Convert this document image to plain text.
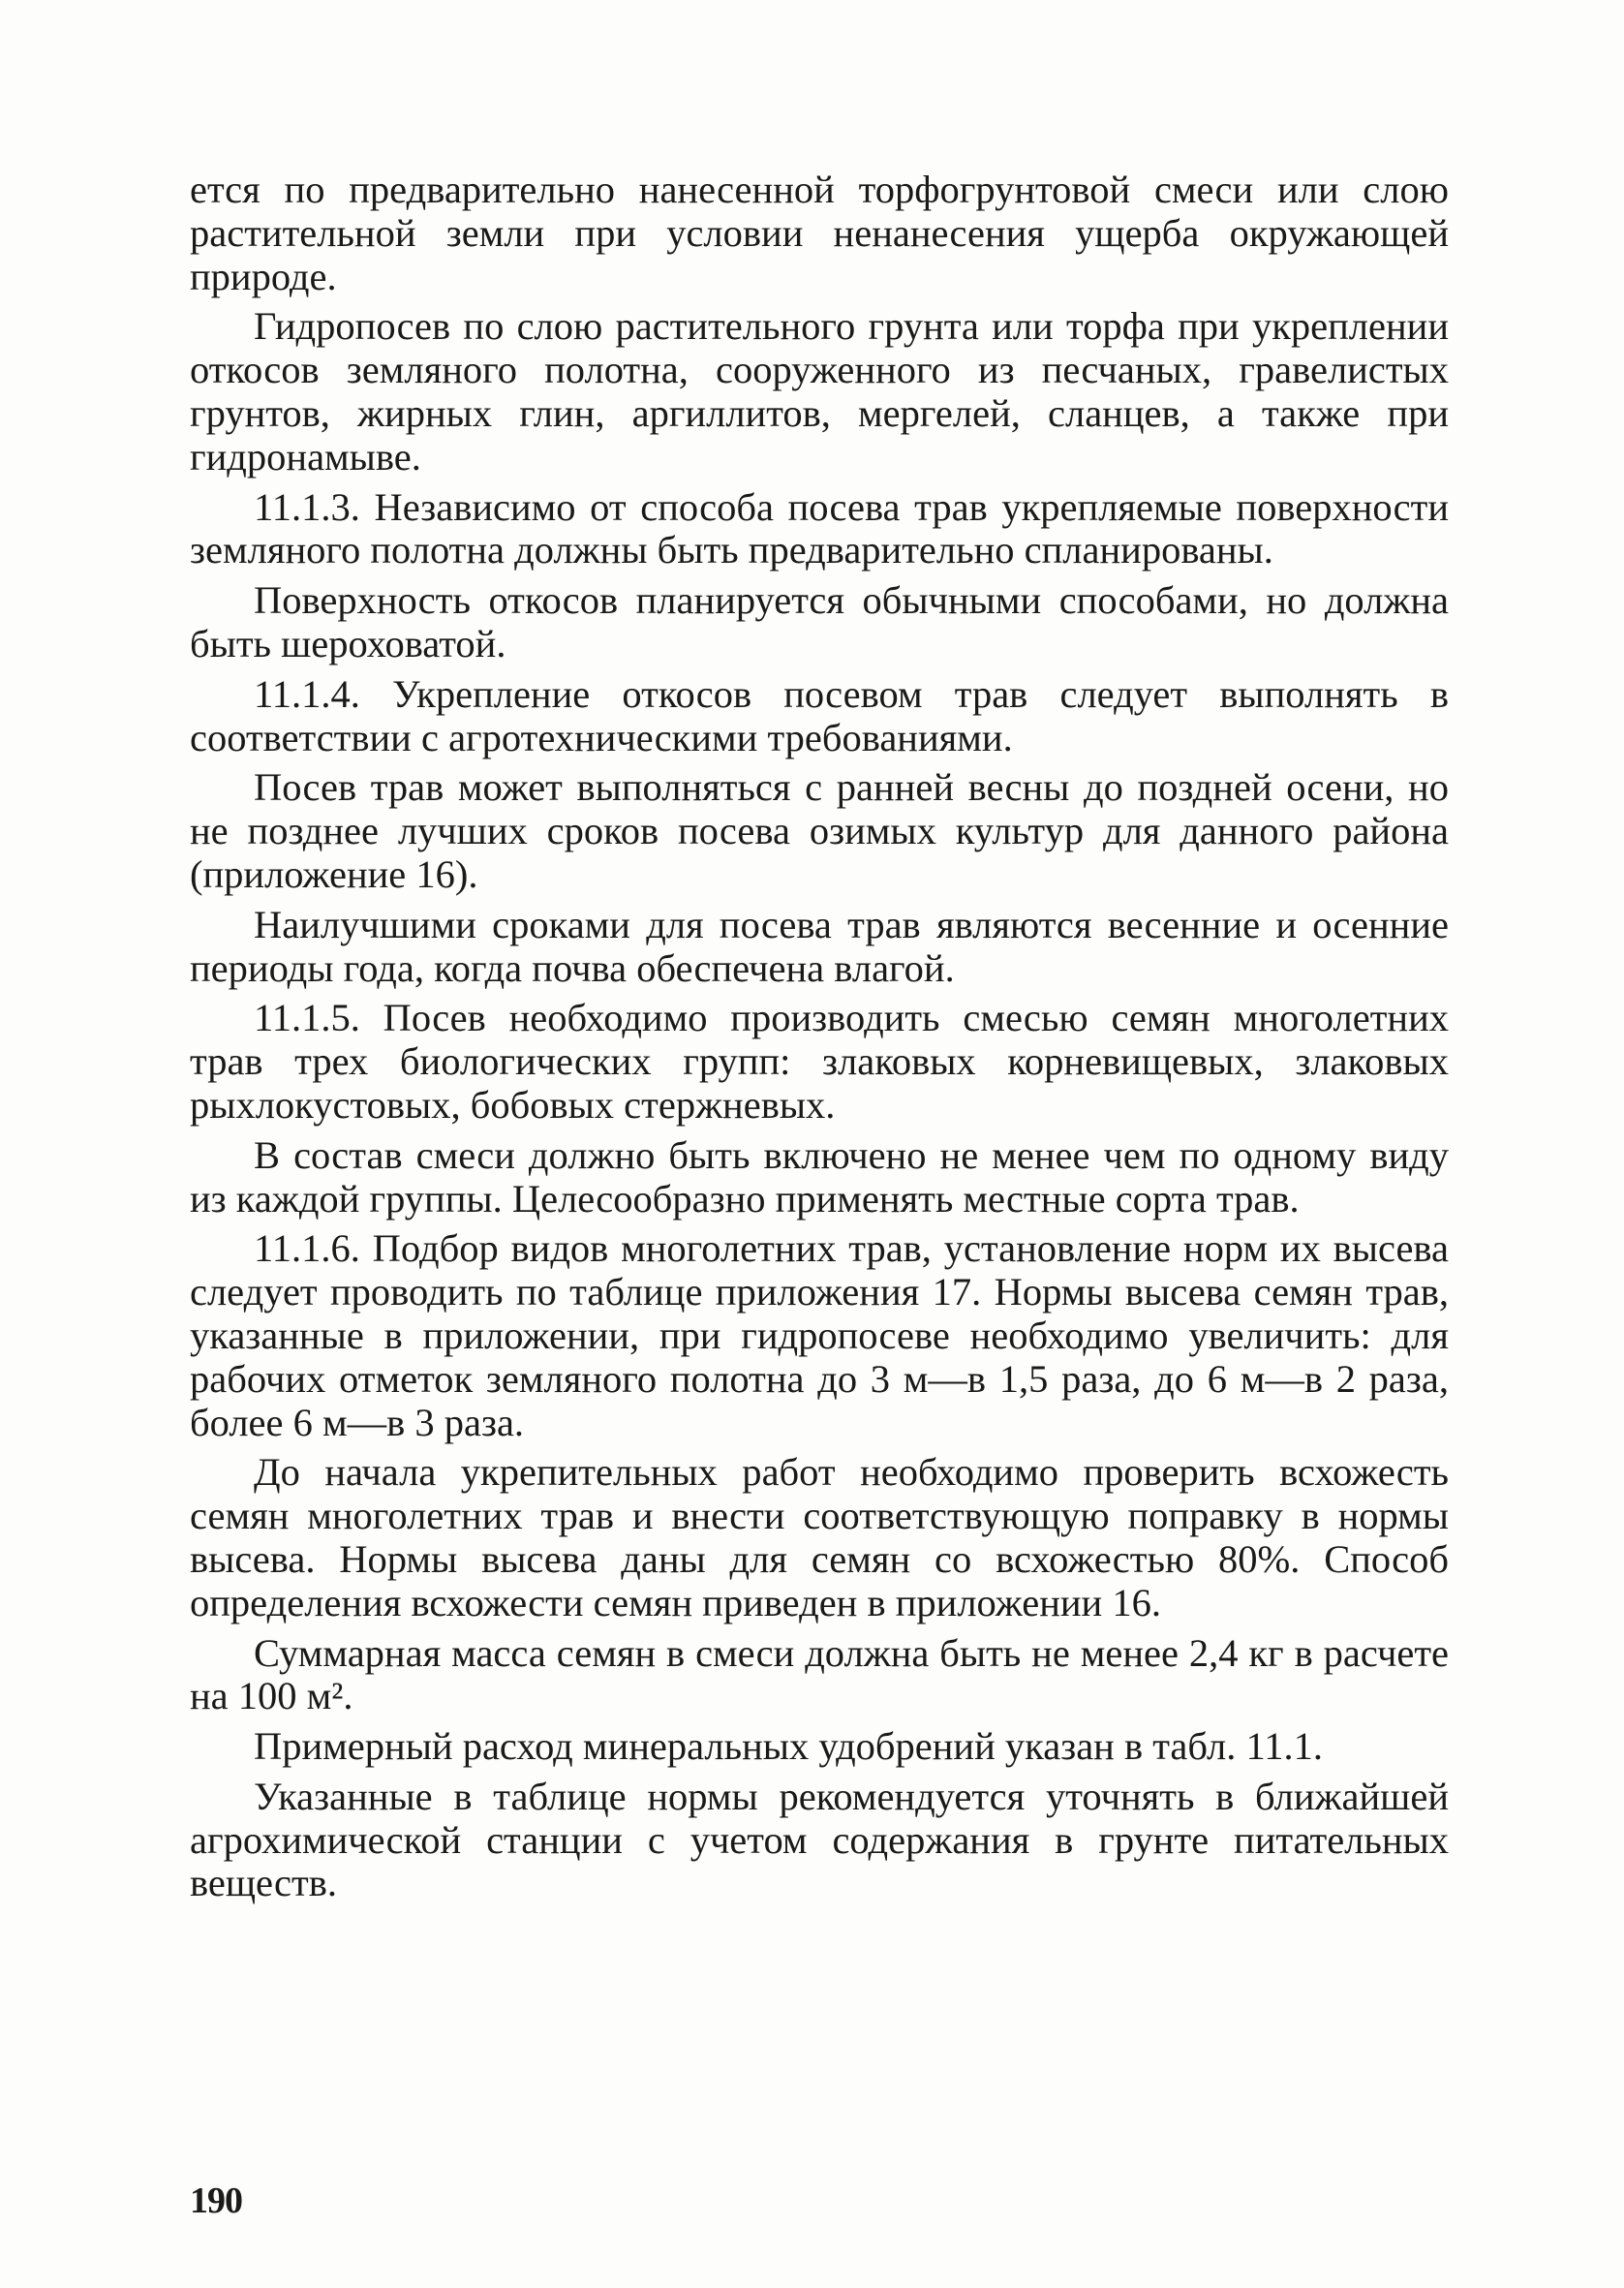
ется по предварительно нанесенной торфогрунтовой смеси или слою растительной земли при условии ненанесения ущерба окружающей природе.

Гидропосев по слою растительного грунта или торфа при укреплении откосов земляного полотна, сооруженного из песчаных, гравелистых грунтов, жирных глин, аргиллитов, мергелей, сланцев, а также при гидронамыве.

11.1.3. Независимо от способа посева трав укрепляемые поверхности земляного полотна должны быть предварительно спланированы.

Поверхность откосов планируется обычными способами, но должна быть шероховатой.

11.1.4. Укрепление откосов посевом трав следует выполнять в соответствии с агротехническими требованиями.

Посев трав может выполняться с ранней весны до поздней осени, но не позднее лучших сроков посева озимых культур для данного района (приложение 16).

Наилучшими сроками для посева трав являются весенние и осенние периоды года, когда почва обеспечена влагой.

11.1.5. Посев необходимо производить смесью семян многолетних трав трех биологических групп: злаковых корневищевых, злаковых рыхлокустовых, бобовых стержневых.

В состав смеси должно быть включено не менее чем по одному виду из каждой группы. Целесообразно применять местные сорта трав.

11.1.6. Подбор видов многолетних трав, установление норм их высева следует проводить по таблице приложения 17. Нормы высева семян трав, указанные в приложении, при гидропосеве необходимо увеличить: для рабочих отметок земляного полотна до 3 м—в 1,5 раза, до 6 м—в 2 раза, более 6 м—в 3 раза.

До начала укрепительных работ необходимо проверить всхожесть семян многолетних трав и внести соответствующую поправку в нормы высева. Нормы высева даны для семян со всхожестью 80%. Способ определения всхожести семян приведен в приложении 16.

Суммарная масса семян в смеси должна быть не менее 2,4 кг в расчете на 100 м².

Примерный расход минеральных удобрений указан в табл. 11.1.

Указанные в таблице нормы рекомендуется уточнять в ближайшей агрохимической станции с учетом содержания в грунте питательных веществ.

190
